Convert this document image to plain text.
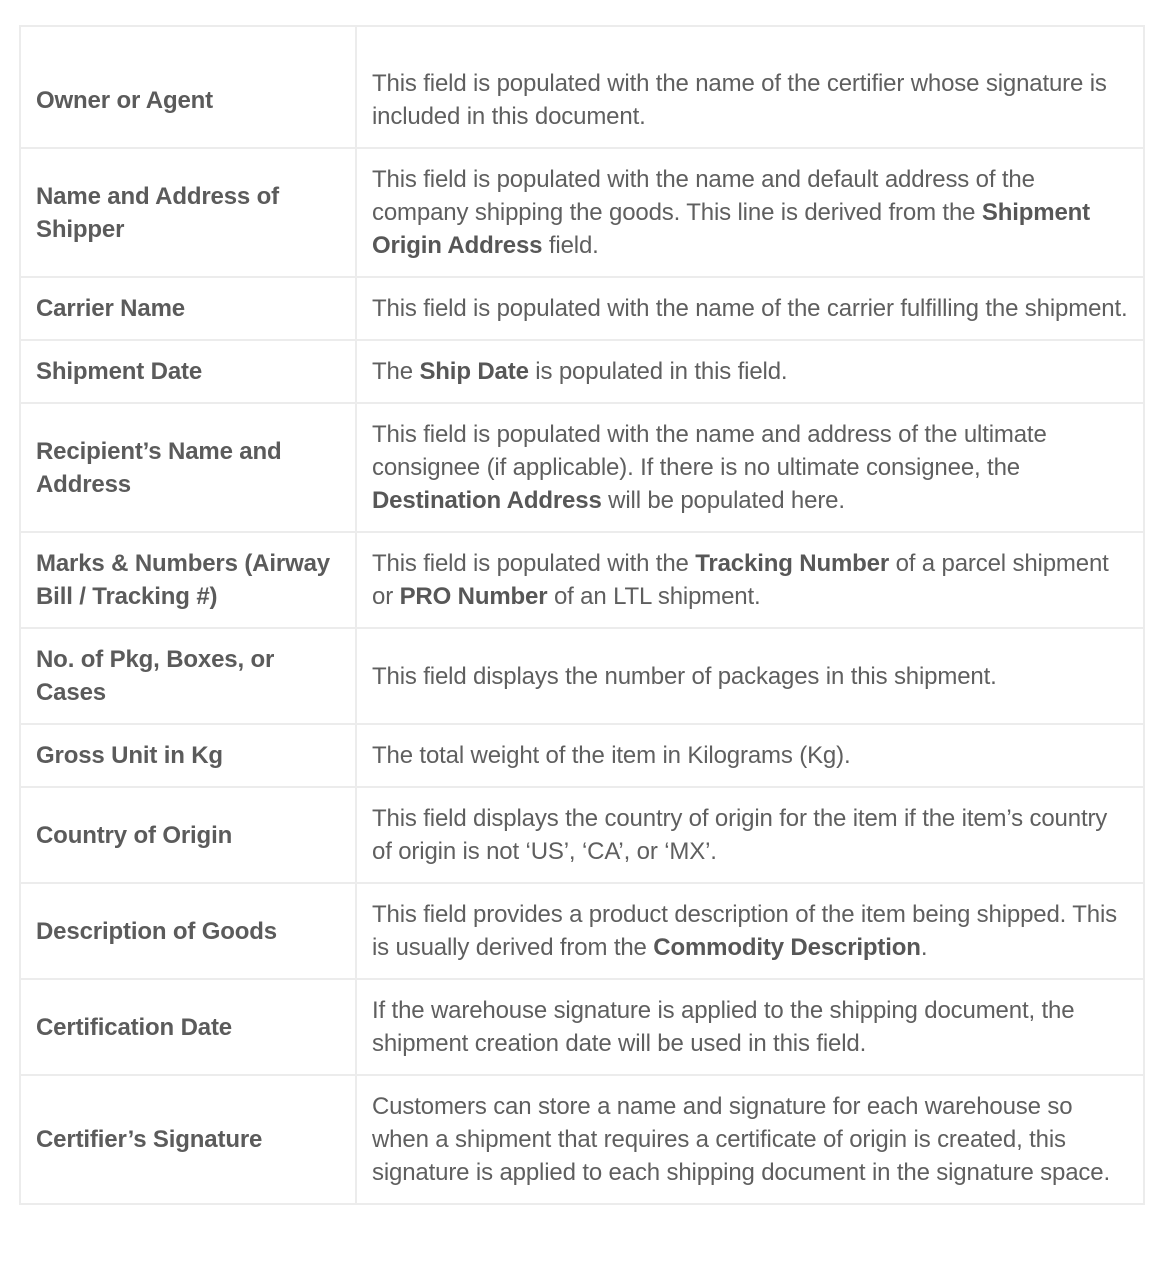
Owner or Agent	This field is populated with the name of the certifier whose signature is included in this document.
Name and Address of Shipper	This field is populated with the name and default address of the company shipping the goods. This line is derived from the Shipment Origin Address field.
Carrier Name	This field is populated with the name of the carrier fulfilling the shipment.
Shipment Date	The Ship Date is populated in this field.
Recipient’s Name and Address	This field is populated with the name and address of the ultimate consignee (if applicable). If there is no ultimate consignee, the Destination Address will be populated here.
Marks & Numbers (Airway Bill / Tracking #)	This field is populated with the Tracking Number of a parcel shipment or PRO Number of an LTL shipment.
No. of Pkg, Boxes, or Cases	This field displays the number of packages in this shipment.
Gross Unit in Kg	The total weight of the item in Kilograms (Kg).
Country of Origin	This field displays the country of origin for the item if the item’s country of origin is not ‘US’, ‘CA’, or ‘MX’.
Description of Goods	This field provides a product description of the item being shipped. This is usually derived from the Commodity Description.
Certification Date	If the warehouse signature is applied to the shipping document, the shipment creation date will be used in this field.
Certifier’s Signature	Customers can store a name and signature for each warehouse so when a shipment that requires a certificate of origin is created, this signature is applied to each shipping document in the signature space.
